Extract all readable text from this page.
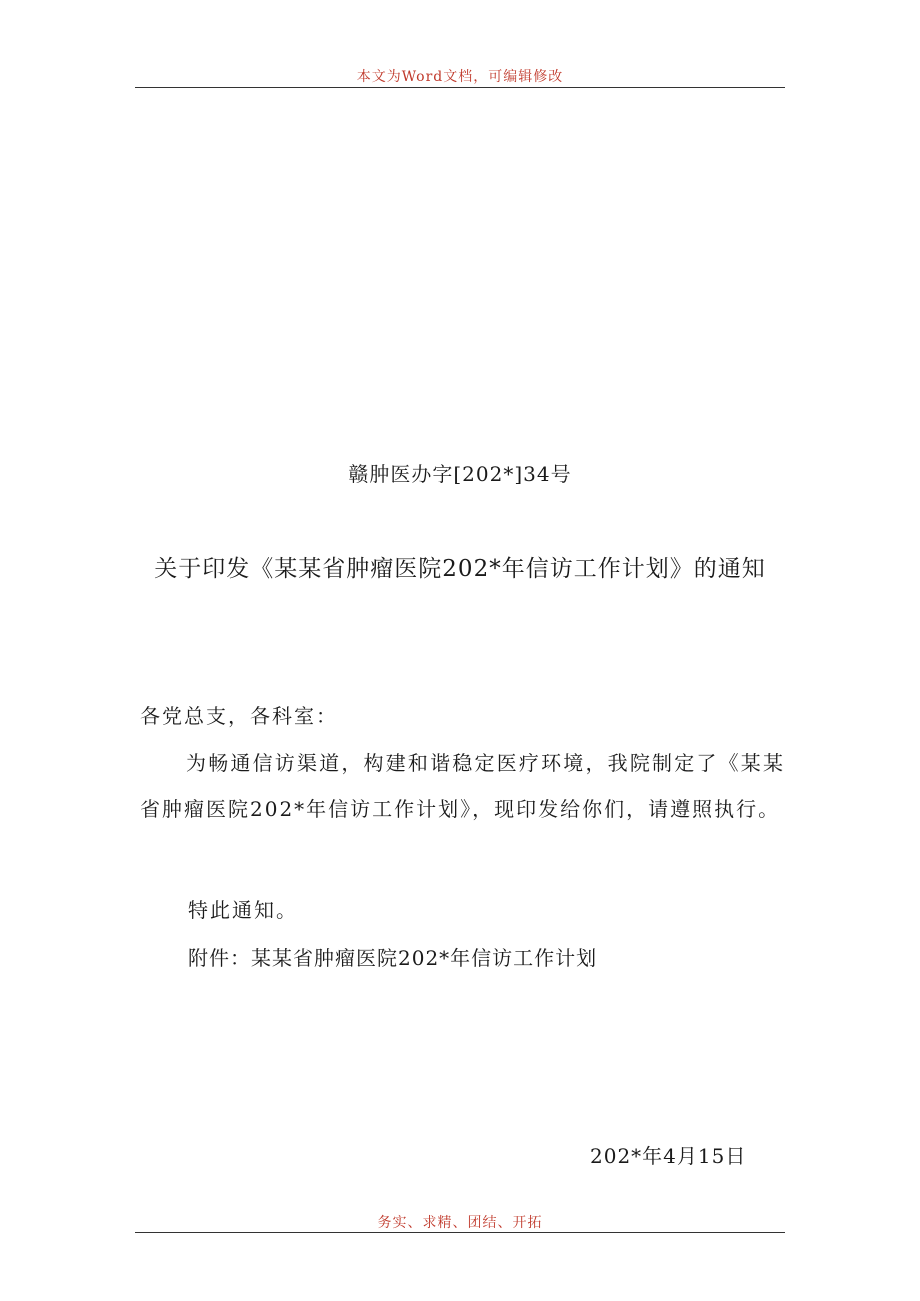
本文为Word文档，可编辑修改
赣肿医办字[202*]34号
关于印发《某某省肿瘤医院202*年信访工作计划》的通知
各党总支，各科室：
为畅通信访渠道，构建和谐稳定医疗环境，我院制定了《某某省肿瘤医院202*年信访工作计划》，现印发给你们，请遵照执行。
特此通知。
附件：某某省肿瘤医院202*年信访工作计划
202*年4月15日
务实、求精、团结、开拓
